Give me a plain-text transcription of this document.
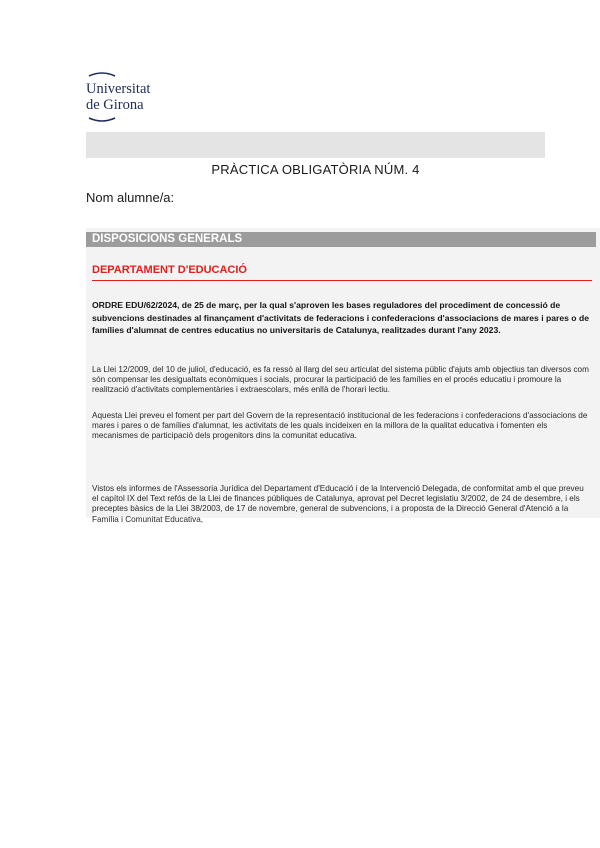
Universitat
de Girona
PRÀCTICA OBLIGATÒRIA NÚM. 4
Nom alumne/a:
DISPOSICIONS GENERALS
DEPARTAMENT D'EDUCACIÓ
ORDRE EDU/62/2024, de 25 de març, per la qual s'aproven les bases reguladores del procediment de concessió de subvencions destinades al finançament d'activitats de federacions i confederacions d'associacions de mares i pares o de famílies d'alumnat de centres educatius no universitaris de Catalunya, realitzades durant l'any 2023.
La Llei 12/2009, del 10 de juliol, d'educació, es fa ressò al llarg del seu articulat del sistema públic d'ajuts amb objectius tan diversos com són compensar les desigualtats econòmiques i socials, procurar la participació de les famílies en el procés educatiu i promoure la realització d'activitats complementàries i extraescolars, més enllà de l'horari lectiu.
Aquesta Llei preveu el foment per part del Govern de la representació institucional de les federacions i confederacions d'associacions de mares i pares o de famílies d'alumnat, les activitats de les quals incideixen en la millora de la qualitat educativa i fomenten els mecanismes de participació dels progenitors dins la comunitat educativa.
Vistos els informes de l'Assessoria Jurídica del Departament d'Educació i de la Intervenció Delegada, de conformitat amb el que preveu el capítol IX del Text refós de la Llei de finances públiques de Catalunya, aprovat pel Decret legislatiu 3/2002, de 24 de desembre, i els preceptes bàsics de la Llei 38/2003, de 17 de novembre, general de subvencions, i a proposta de la Direcció General d'Atenció a la Família i Comunitat Educativa,
